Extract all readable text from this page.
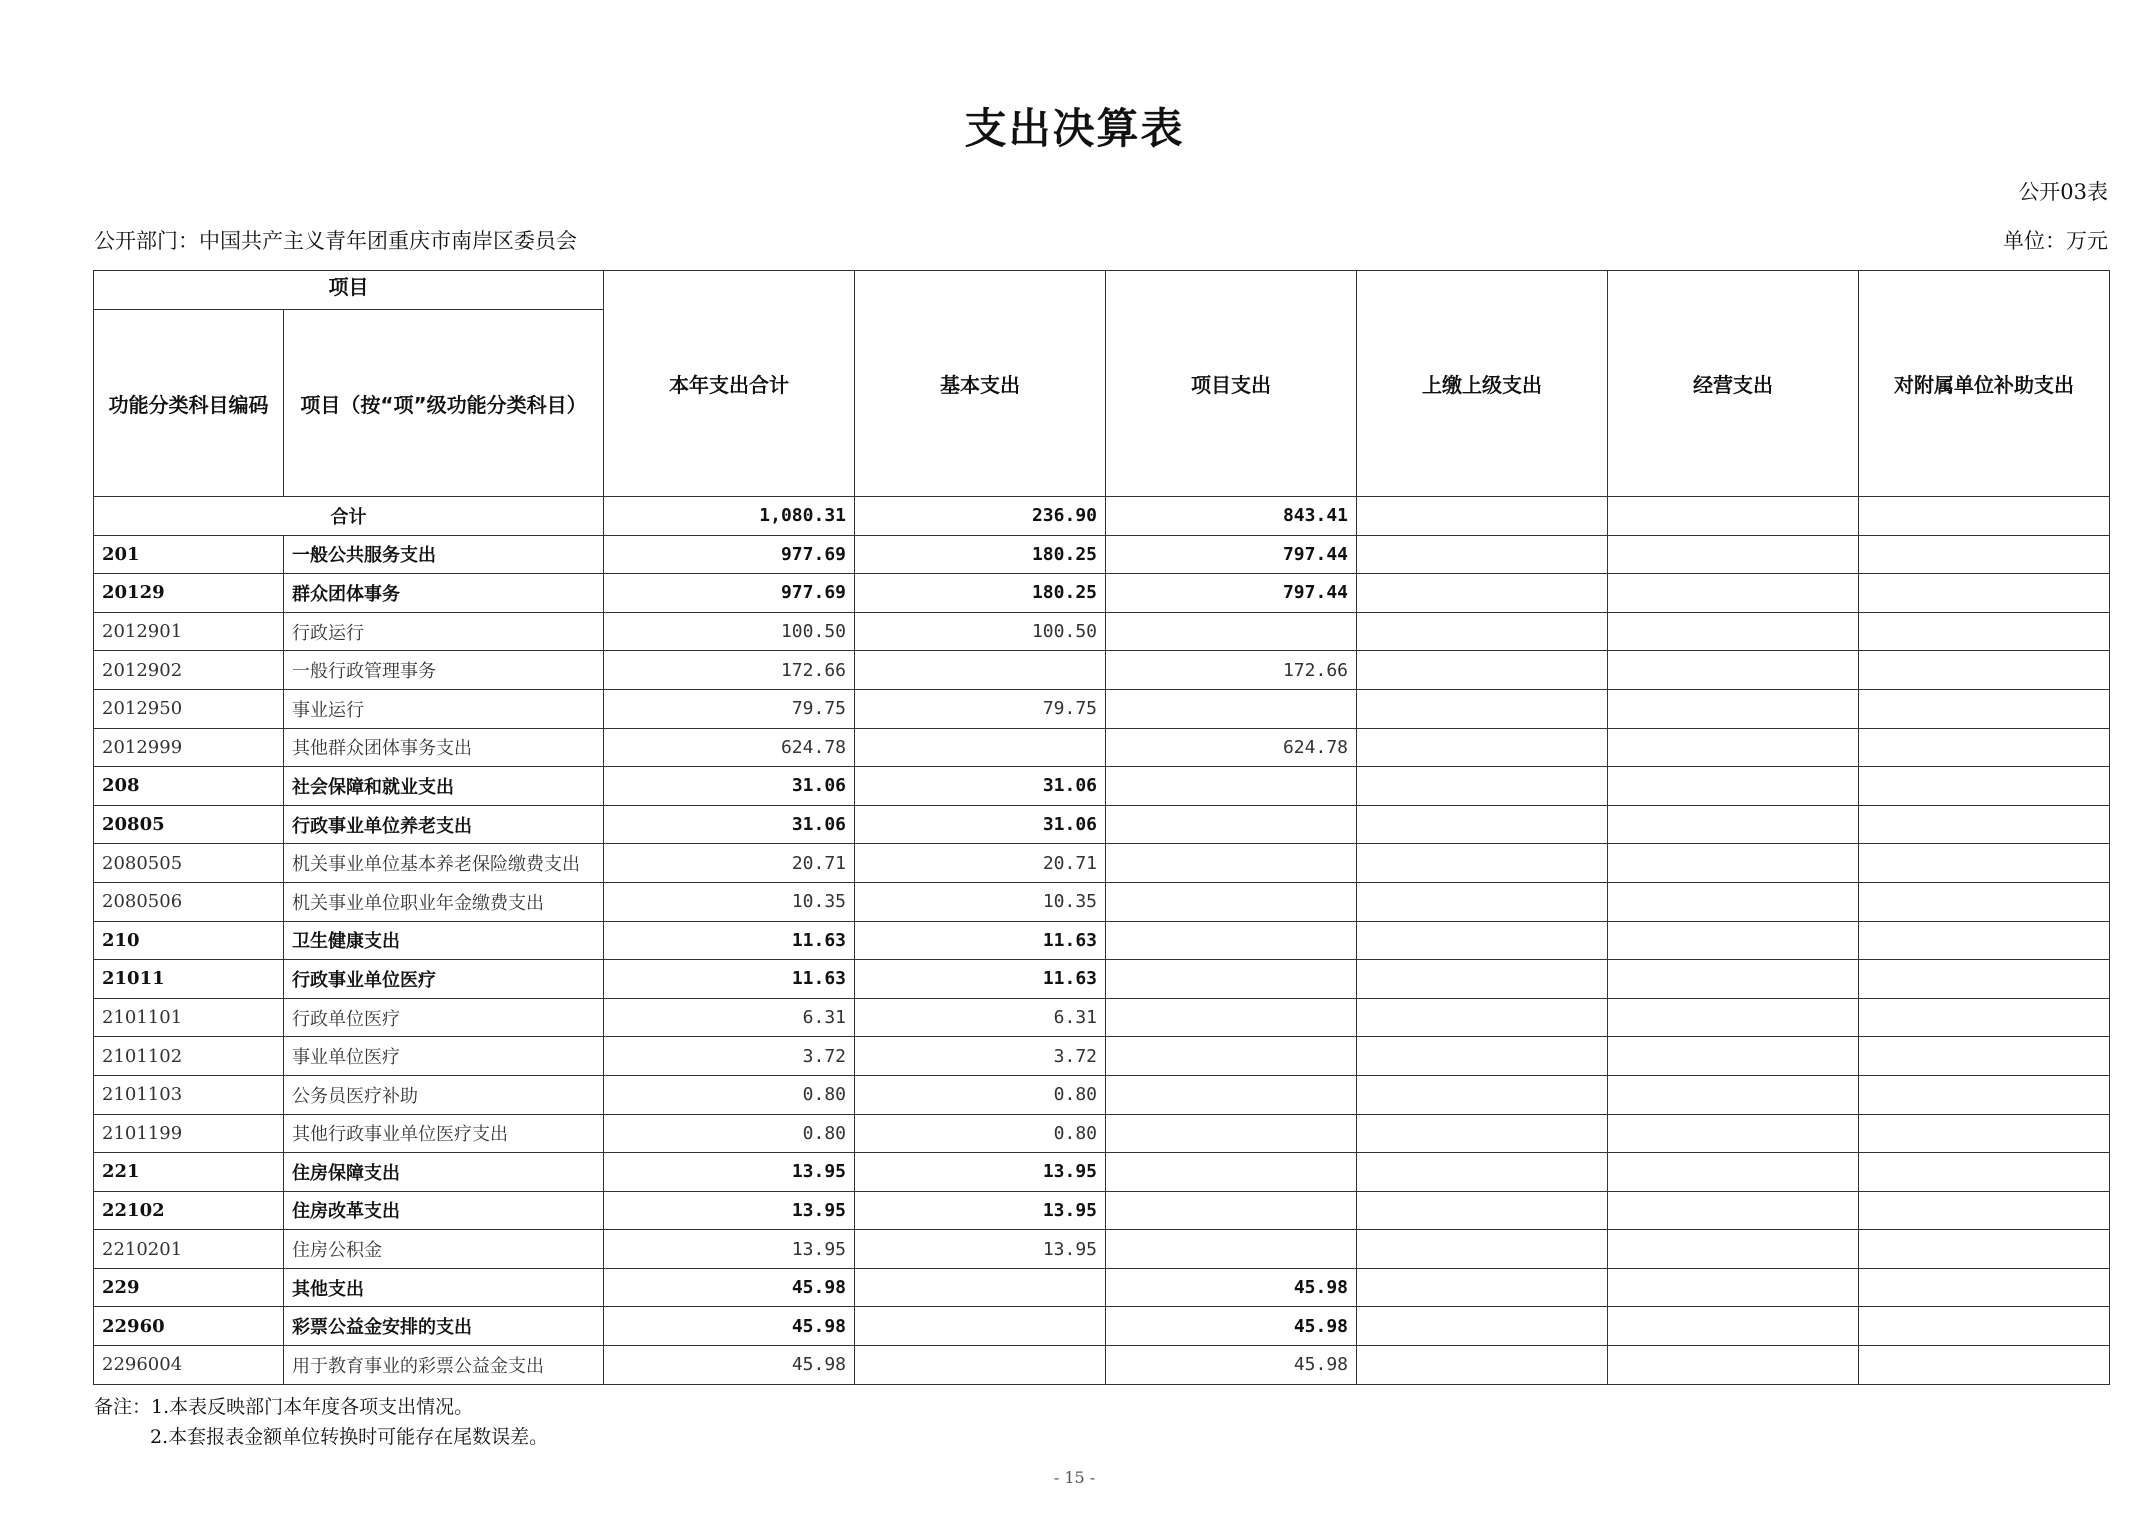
支出决算表
公开03表
公开部门：中国共产主义青年团重庆市南岸区委员会	单位：万元
项目		本年支出合计	基本支出	项目支出	上缴上级支出	经营支出	对附属单位补助支出
功能分类科目编码	项目（按“项”级功能分类科目）						
合计		1,080.31	236.90	843.41			
201	一般公共服务支出	977.69	180.25	797.44			
20129	群众团体事务	977.69	180.25	797.44			
2012901	行政运行	100.50	100.50				
2012902	一般行政管理事务	172.66		172.66			
2012950	事业运行	79.75	79.75				
2012999	其他群众团体事务支出	624.78		624.78			
208	社会保障和就业支出	31.06	31.06				
20805	行政事业单位养老支出	31.06	31.06				
2080505	机关事业单位基本养老保险缴费支出	20.71	20.71				
2080506	机关事业单位职业年金缴费支出	10.35	10.35				
210	卫生健康支出	11.63	11.63				
21011	行政事业单位医疗	11.63	11.63				
2101101	行政单位医疗	6.31	6.31				
2101102	事业单位医疗	3.72	3.72				
2101103	公务员医疗补助	0.80	0.80				
2101199	其他行政事业单位医疗支出	0.80	0.80				
221	住房保障支出	13.95	13.95				
22102	住房改革支出	13.95	13.95				
2210201	住房公积金	13.95	13.95				
229	其他支出	45.98		45.98			
22960	彩票公益金安排的支出	45.98		45.98			
2296004	用于教育事业的彩票公益金支出	45.98		45.98			
备注：1.本表反映部门本年度各项支出情况。
2.本套报表金额单位转换时可能存在尾数误差。
- 15 -
